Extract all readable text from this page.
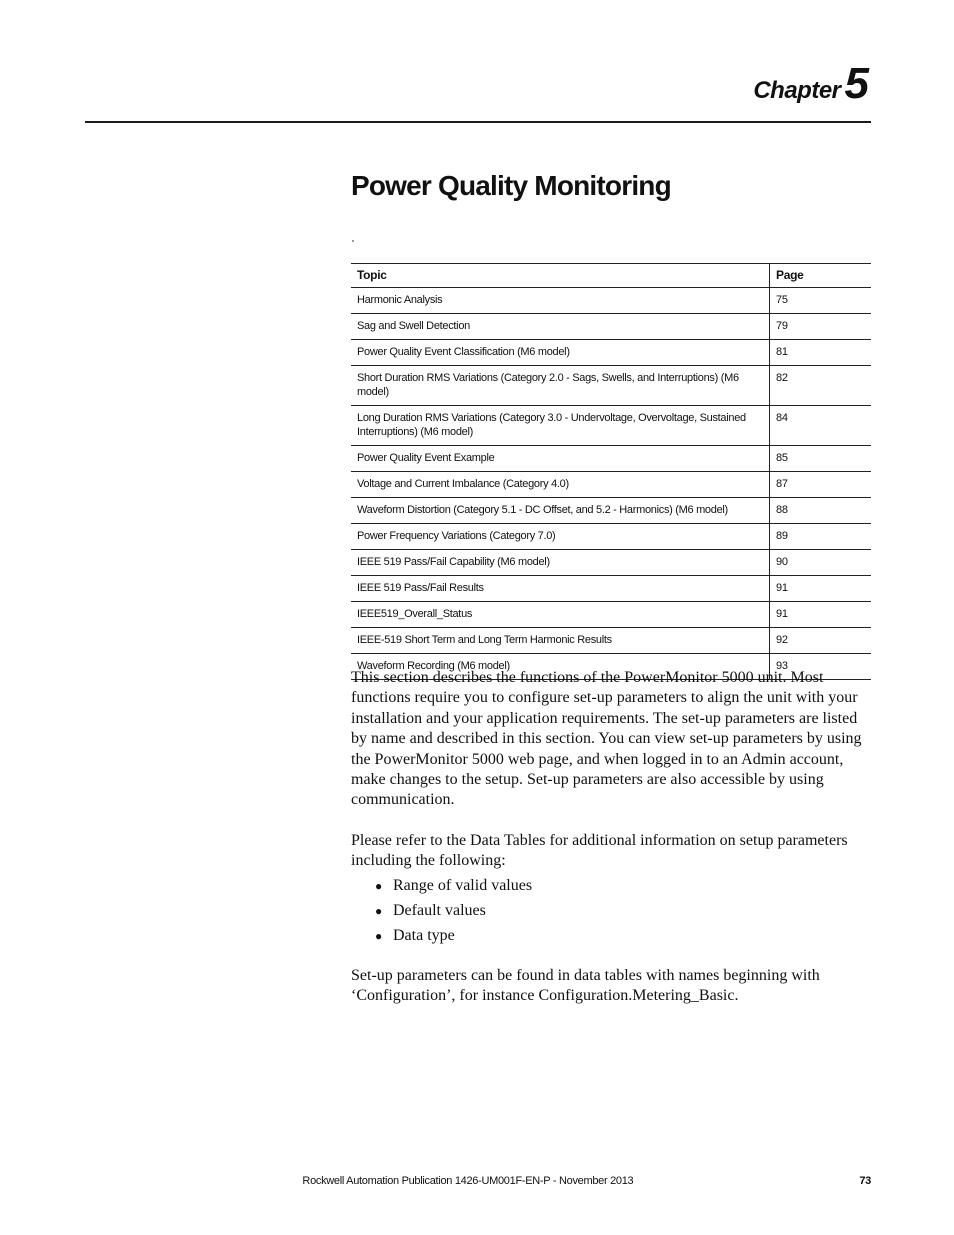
Chapter 5
Power Quality Monitoring
Topic	Page
Harmonic Analysis	75
Sag and Swell Detection	79
Power Quality Event Classification (M6 model)	81
Short Duration RMS Variations (Category 2.0 - Sags, Swells, and Interruptions) (M6 model)	82
Long Duration RMS Variations (Category 3.0 - Undervoltage, Overvoltage, Sustained Interruptions) (M6 model)	84
Power Quality Event Example	85
Voltage and Current Imbalance (Category 4.0)	87
Waveform Distortion (Category 5.1 - DC Offset, and 5.2 - Harmonics) (M6 model)	88
Power Frequency Variations (Category 7.0)	89
IEEE 519 Pass/Fail Capability (M6 model)	90
IEEE 519 Pass/Fail Results	91
IEEE519_Overall_Status	91
IEEE-519 Short Term and Long Term Harmonic Results	92
Waveform Recording (M6 model)	93

This section describes the functions of the PowerMonitor 5000 unit. Most functions require you to configure set-up parameters to align the unit with your installation and your application requirements. The set-up parameters are listed by name and described in this section. You can view set-up parameters by using the PowerMonitor 5000 web page, and when logged in to an Admin account, make changes to the setup. Set-up parameters are also accessible by using communication.

Please refer to the Data Tables for additional information on setup parameters including the following:

● Range of valid values
● Default values
● Data type

Set-up parameters can be found in data tables with names beginning with ‘Configuration’, for instance Configuration.Metering_Basic.

Rockwell Automation Publication 1426-UM001F-EN-P - November 2013	73
